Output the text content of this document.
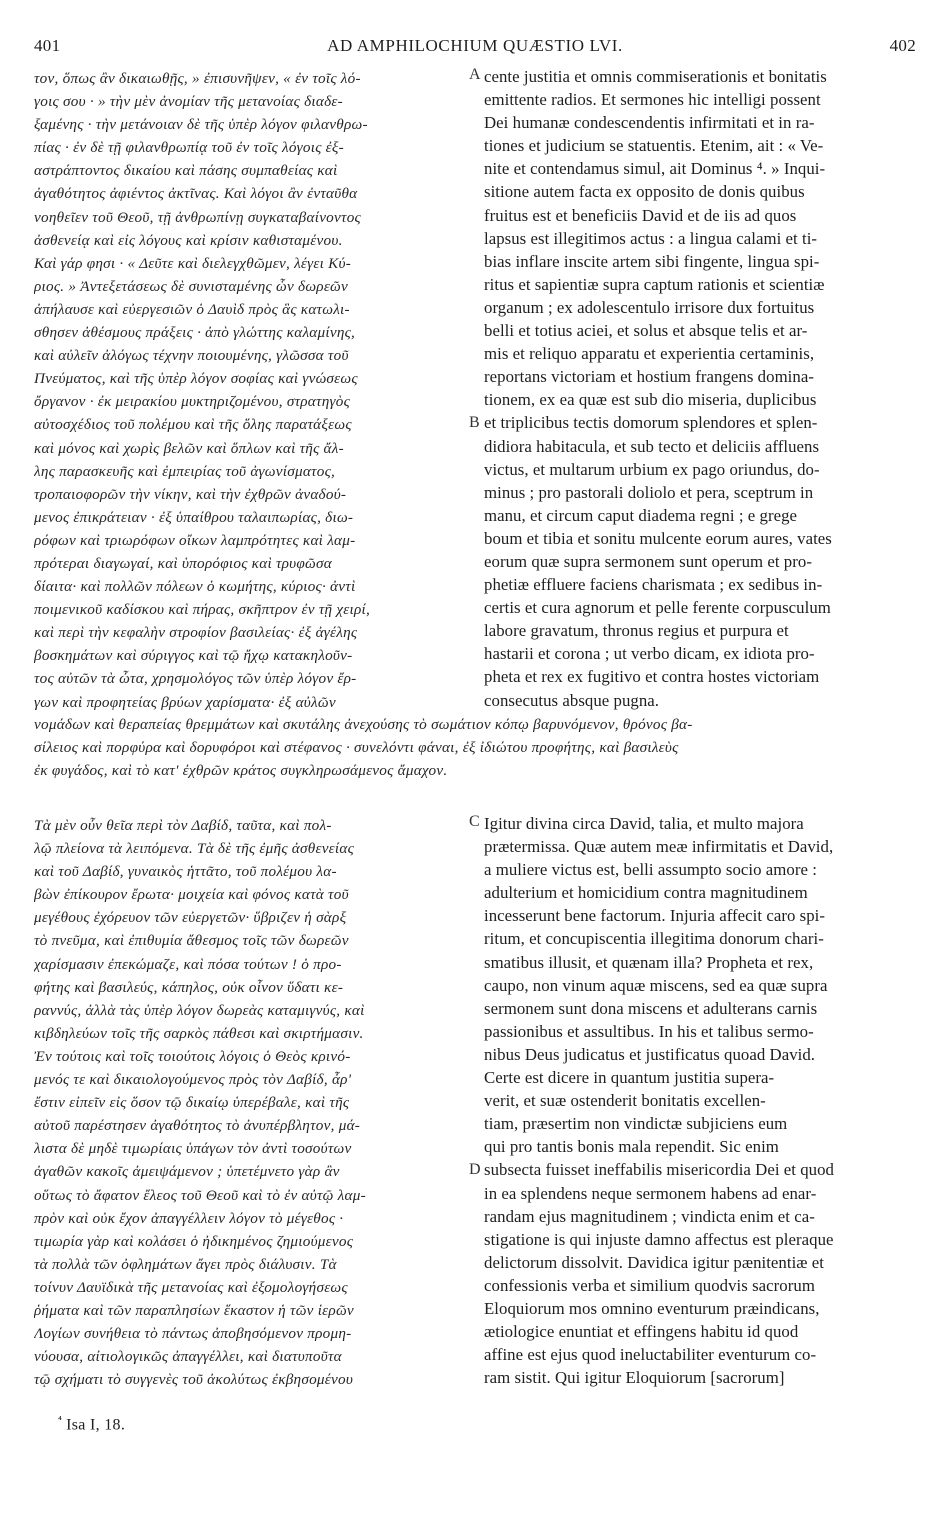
401	AD AMPHILOCHIUM QUÆSTIO LVI.	402
τον, ὅπως ἂν δικαιωθῇς, » ἐπισυνῆψεν, « ἐν τοῖς λό-
γοις σου · » τὴν μὲν ἀνομίαν τῆς μετανοίας διαδε-
ξαμένης · τὴν μετάνοιαν δὲ τῆς ὑπὲρ λόγον φιλανθρω-
πίας · ἐν δὲ τῇ φιλανθρωπίᾳ τοῦ ἐν τοῖς λόγοις ἐξ-
αστράπτοντος δικαίου καὶ πάσης συμπαθείας καὶ
ἀγαθότητος ἀφιέντος ἀκτῖνας. Καὶ λόγοι ἂν ἐνταῦθα
νοηθεῖεν τοῦ Θεοῦ, τῇ ἀνθρωπίνῃ συγκαταβαίνοντος
ἀσθενείᾳ καὶ εἰς λόγους καὶ κρίσιν καθισταμένου.
Καὶ γάρ φησι · « Δεῦτε καὶ διελεγχθῶμεν, λέγει Κύ-
ριος. » Ἀντεξετάσεως δὲ συνισταμένης ὧν δωρεῶν
ἀπήλαυσε καὶ εὐεργεσιῶν ὁ Δαυὶδ πρὸς ἃς κατωλι-
σθησεν ἀθέσμους πράξεις · ἀπὸ γλώττης καλαμίνης,
καὶ αὐλεῖν ἀλόγως τέχνην ποιουμένης, γλῶσσα τοῦ
Πνεύματος, καὶ τῆς ὑπὲρ λόγον σοφίας καὶ γνώσεως
ὄργανον · ἐκ μειρακίου μυκτηριζομένου, στρατηγὸς
αὐτοσχέδιος τοῦ πολέμου καὶ τῆς ὅλης παρατάξεως
καὶ μόνος καὶ χωρὶς βελῶν καὶ ὅπλων καὶ τῆς ἄλ-
λης παρασκευῆς καὶ ἐμπειρίας τοῦ ἀγωνίσματος,
τροπαιοφορῶν τὴν νίκην, καὶ τὴν ἐχθρῶν ἀναδού-
μενος ἐπικράτειαν · ἐξ ὑπαίθρου ταλαιπωρίας, διω-
ρόφων καὶ τριωρόφων οἴκων λαμπρότητες καὶ λαμ-
πρότεραι διαγωγαί, καὶ ὑπορόφιος καὶ τρυφῶσα
δίαιτα· καὶ πολλῶν πόλεων ὁ κωμήτης, κύριος· ἀντὶ
ποιμενικοῦ καδίσκου καὶ πήρας, σκῆπτρον ἐν τῇ χειρί,
καὶ περὶ τὴν κεφαλὴν στροφίον βασιλείας· ἐξ ἀγέλης
βοσκημάτων καὶ σύριγγος καὶ τῷ ἤχῳ κατακηλοῦν-
τος αὐτῶν τὰ ὦτα, χρησμολόγος τῶν ὑπὲρ λόγον ἔρ-
γων καὶ προφητείας βρύων χαρίσματα· ἐξ αὐλῶν
cente justitia et omnis commiserationis et bonitatis
emittente radios. Et sermones hic intelligi possent
Dei humanæ condescendentis infirmitati et in ra-
tiones et judicium se statuentis. Etenim, ait : « Ve-
nite et contendamus simul, ait Dominus ⁴. » Inqui-
sitione autem facta ex opposito de donis quibus
fruitus est et beneficiis David et de iis ad quos
lapsus est illegitimos actus : a lingua calami et ti-
bias inflare inscite artem sibi fingente, lingua spi-
ritus et sapientiæ supra captum rationis et scientiæ
organum ; ex adolescentulo irrisore dux fortuitus
belli et totius aciei, et solus et absque telis et ar-
mis et reliquo apparatu et experientia certaminis,
reportans victoriam et hostium frangens domina-
tionem, ex ea quæ est sub dio miseria, duplicibus
et triplicibus tectis domorum splendores et splen-
didiora habitacula, et sub tecto et deliciis affluens
victus, et multarum urbium ex pago oriundus, do-
minus ; pro pastorali doliolo et pera, sceptrum in
manu, et circum caput diadema regni ; e grege
boum et tibia et sonitu mulcente eorum aures, vates
eorum quæ supra sermonem sunt operum et pro-
phetiæ effluere faciens charismata ; ex sedibus in-
certis et cura agnorum et pelle ferente corpusculum
labore gravatum, thronus regius et purpura et
hastarii et corona ; ut verbo dicam, ex idiota pro-
pheta et rex ex fugitivo et contra hostes victoriam
consecutus absque pugna.
νομάδων καὶ θεραπείας θρεμμάτων καὶ σκυτάλης ἀνεχούσης τὸ σωμάτιον κόπῳ βαρυνόμενον, θρόνος βα-
σίλειος καὶ πορφύρα καὶ δορυφόροι καὶ στέφανος · συνελόντι φάναι, ἐξ ἰδιώτου προφήτης, καὶ βασιλεὺς
ἐκ φυγάδος, καὶ τὸ κατ' ἐχθρῶν κράτος συγκληρωσάμενος ἄμαχον.
Τὰ μὲν οὖν θεῖα περὶ τὸν Δαβίδ, ταῦτα, καὶ πολ-
λῷ πλείονα τὰ λειπόμενα. Τὰ δὲ τῆς ἐμῆς ἀσθενείας
καὶ τοῦ Δαβίδ, γυναικὸς ἡττᾶτο, τοῦ πολέμου λα-
βὼν ἐπίκουρον ἔρωτα· μοιχεία καὶ φόνος κατὰ τοῦ
μεγέθους ἐχόρευον τῶν εὐεργετῶν· ὕβριζεν ἡ σὰρξ
τὸ πνεῦμα, καὶ ἐπιθυμία ἄθεσμος τοῖς τῶν δωρεῶν
χαρίσμασιν ἐπεκώμαζε, καὶ πόσα τούτων ! ὁ προ-
φήτης καὶ βασιλεύς, κάπηλος, οὐκ οἶνον ὕδατι κε-
ραννύς, ἀλλὰ τὰς ὑπὲρ λόγον δωρεὰς καταμιγνύς, καὶ
κιβδηλεύων τοῖς τῆς σαρκὸς πάθεσι καὶ σκιρτήμασιν.
Ἐν τούτοις καὶ τοῖς τοιούτοις λόγοις ὁ Θεὸς κρινό-
μενός τε καὶ δικαιολογούμενος πρὸς τὸν Δαβίδ, ἆρ'
ἔστιν εἰπεῖν εἰς ὅσον τῷ δικαίῳ ὑπερέβαλε, καὶ τῆς
αὐτοῦ παρέστησεν ἀγαθότητος τὸ ἀνυπέρβλητον, μά-
λιστα δὲ μηδὲ τιμωρίαις ὑπάγων τὸν ἀντὶ τοσούτων
ἀγαθῶν κακοῖς ἀμειψάμενον ; ὑπετέμνετο γὰρ ἂν
οὕτως τὸ ἄφατον ἔλεος τοῦ Θεοῦ καὶ τὸ ἐν αὐτῷ λαμ-
πρὸν καὶ οὐκ ἔχον ἀπαγγέλλειν λόγον τὸ μέγεθος ·
τιμωρία γὰρ καὶ κολάσει ὁ ἠδικημένος ζημιούμενος
τὰ πολλὰ τῶν ὀφλημάτων ἄγει πρὸς διάλυσιν. Τὰ
τοίνυν Δαυϊδικὰ τῆς μετανοίας καὶ ἐξομολογήσεως
ῥήματα καὶ τῶν παραπλησίων ἕκαστον ἡ τῶν ἱερῶν
Λογίων συνήθεια τὸ πάντως ἀποβησόμενον προμη-
νύουσα, αἰτιολογικῶς ἀπαγγέλλει, καὶ διατυποῦτα
τῷ σχήματι τὸ συγγενὲς τοῦ ἀκολύτως ἐκβησομένου
Igitur divina circa David, talia, et multo majora
prætermissa. Quæ autem meæ infirmitatis et David,
a muliere victus est, belli assumpto socio amore :
adulterium et homicidium contra magnitudinem
incesserunt bene factorum. Injuria affecit caro spi-
ritum, et concupiscentia illegitima donorum chari-
smatibus illusit, et quænam illa? Propheta et rex,
caupo, non vinum aquæ miscens, sed ea quæ supra
sermonem sunt dona miscens et adulterans carnis
passionibus et assultibus. In his et talibus sermo-
nibus Deus judicatus et justificatus quoad David.
Certe est dicere in quantum justitia supera-
verit, et suæ ostenderit bonitatis excellen-
tiam, præsertim non vindictæ subjiciens eum
qui pro tantis bonis mala rependit. Sic enim
subsecta fuisset ineffabilis misericordia Dei et quod
in ea splendens neque sermonem habens ad enar-
randam ejus magnitudinem ; vindicta enim et ca-
stigatione is qui injuste damno affectus est pleraque
delictorum dissolvit. Davidica igitur pænitentiæ et
confessionis verba et similium quodvis sacrorum
Eloquiorum mos omnino eventurum præindicans,
ætiologice enuntiat et effingens habitu id quod
affine est ejus quod ineluctabiliter eventurum co-
ram sistit. Qui igitur Eloquiorum [sacrorum]
A
B
C
D
$^{^4}$ Isa I, 18.
